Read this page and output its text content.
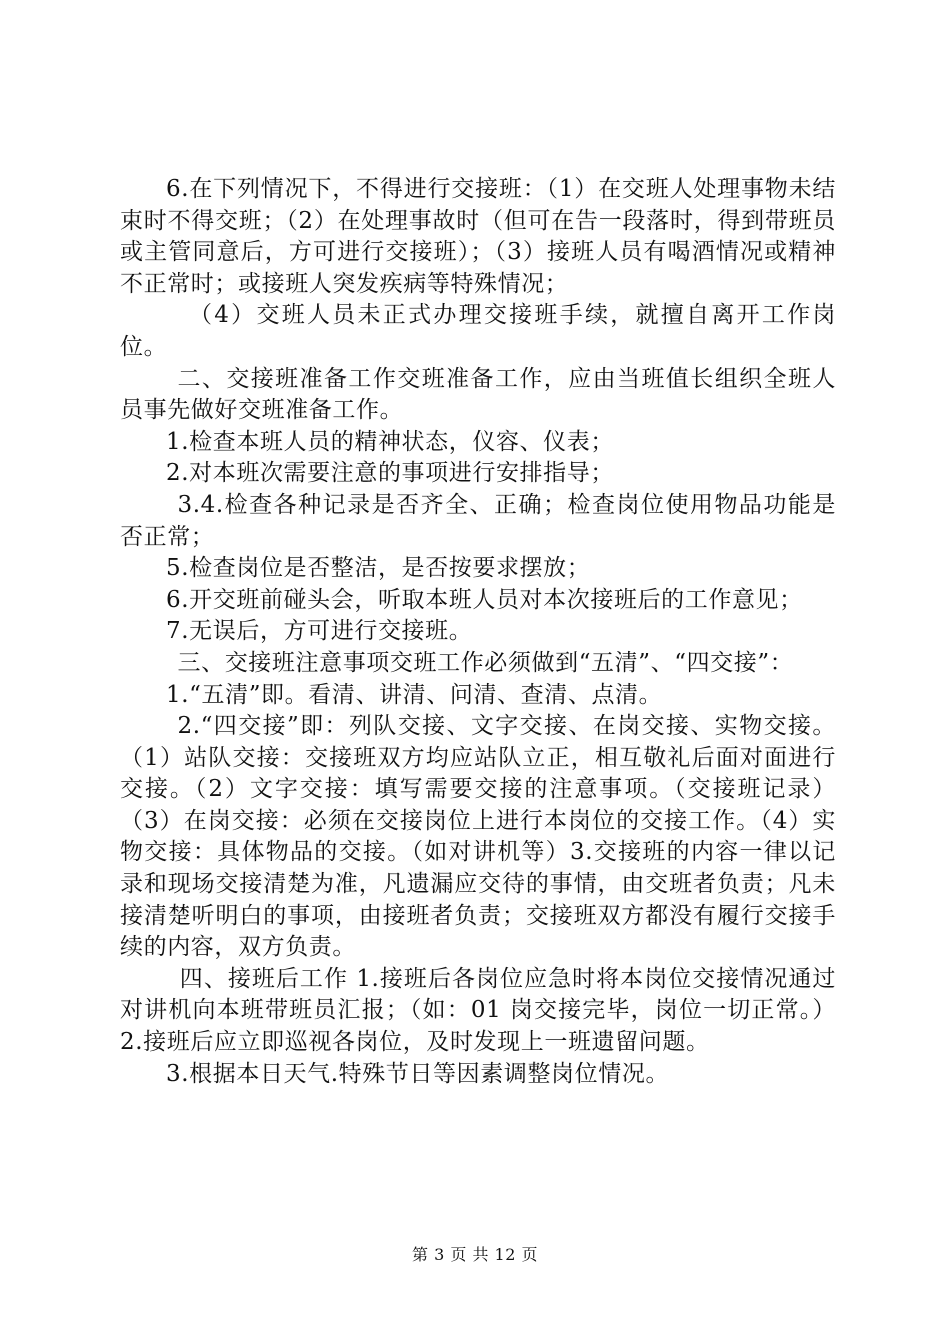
6.在下列情况下，不得进行交接班：（1）在交班人处理事物未结束时不得交班；（2）在处理事故时（但可在告一段落时，得到带班员或主管同意后，方可进行交接班）；（3）接班人员有喝酒情况或精神不正常时；或接班人突发疾病等特殊情况；

（4）交班人员未正式办理交接班手续，就擅自离开工作岗位。

二、交接班准备工作交班准备工作，应由当班值长组织全班人员事先做好交班准备工作。

1.检查本班人员的精神状态，仪容、仪表；

2.对本班次需要注意的事项进行安排指导；

3.4.检查各种记录是否齐全、正确；检查岗位使用物品功能是否正常；

5.检查岗位是否整洁，是否按要求摆放；

6.开交班前碰头会，听取本班人员对本次接班后的工作意见；

7.无误后，方可进行交接班。

三、交接班注意事项交班工作必须做到“五清”、“四交接”：

1.“五清”即。看清、讲清、问清、查清、点清。

2.“四交接”即：列队交接、文字交接、在岗交接、实物交接。（1）站队交接：交接班双方均应站队立正，相互敬礼后面对面进行交接。（2）文字交接：填写需要交接的注意事项。（交接班记录）（3）在岗交接：必须在交接岗位上进行本岗位的交接工作。（4）实物交接：具体物品的交接。（如对讲机等）3.交接班的内容一律以记录和现场交接清楚为准，凡遗漏应交待的事情，由交班者负责；凡未接清楚听明白的事项，由接班者负责；交接班双方都没有履行交接手续的内容，双方负责。

四、接班后工作 1.接班后各岗位应急时将本岗位交接情况通过对讲机向本班带班员汇报；（如：01 岗交接完毕，岗位一切正常。）2.接班后应立即巡视各岗位，及时发现上一班遗留问题。

3.根据本日天气.特殊节日等因素调整岗位情况。

第 3 页 共 12 页
